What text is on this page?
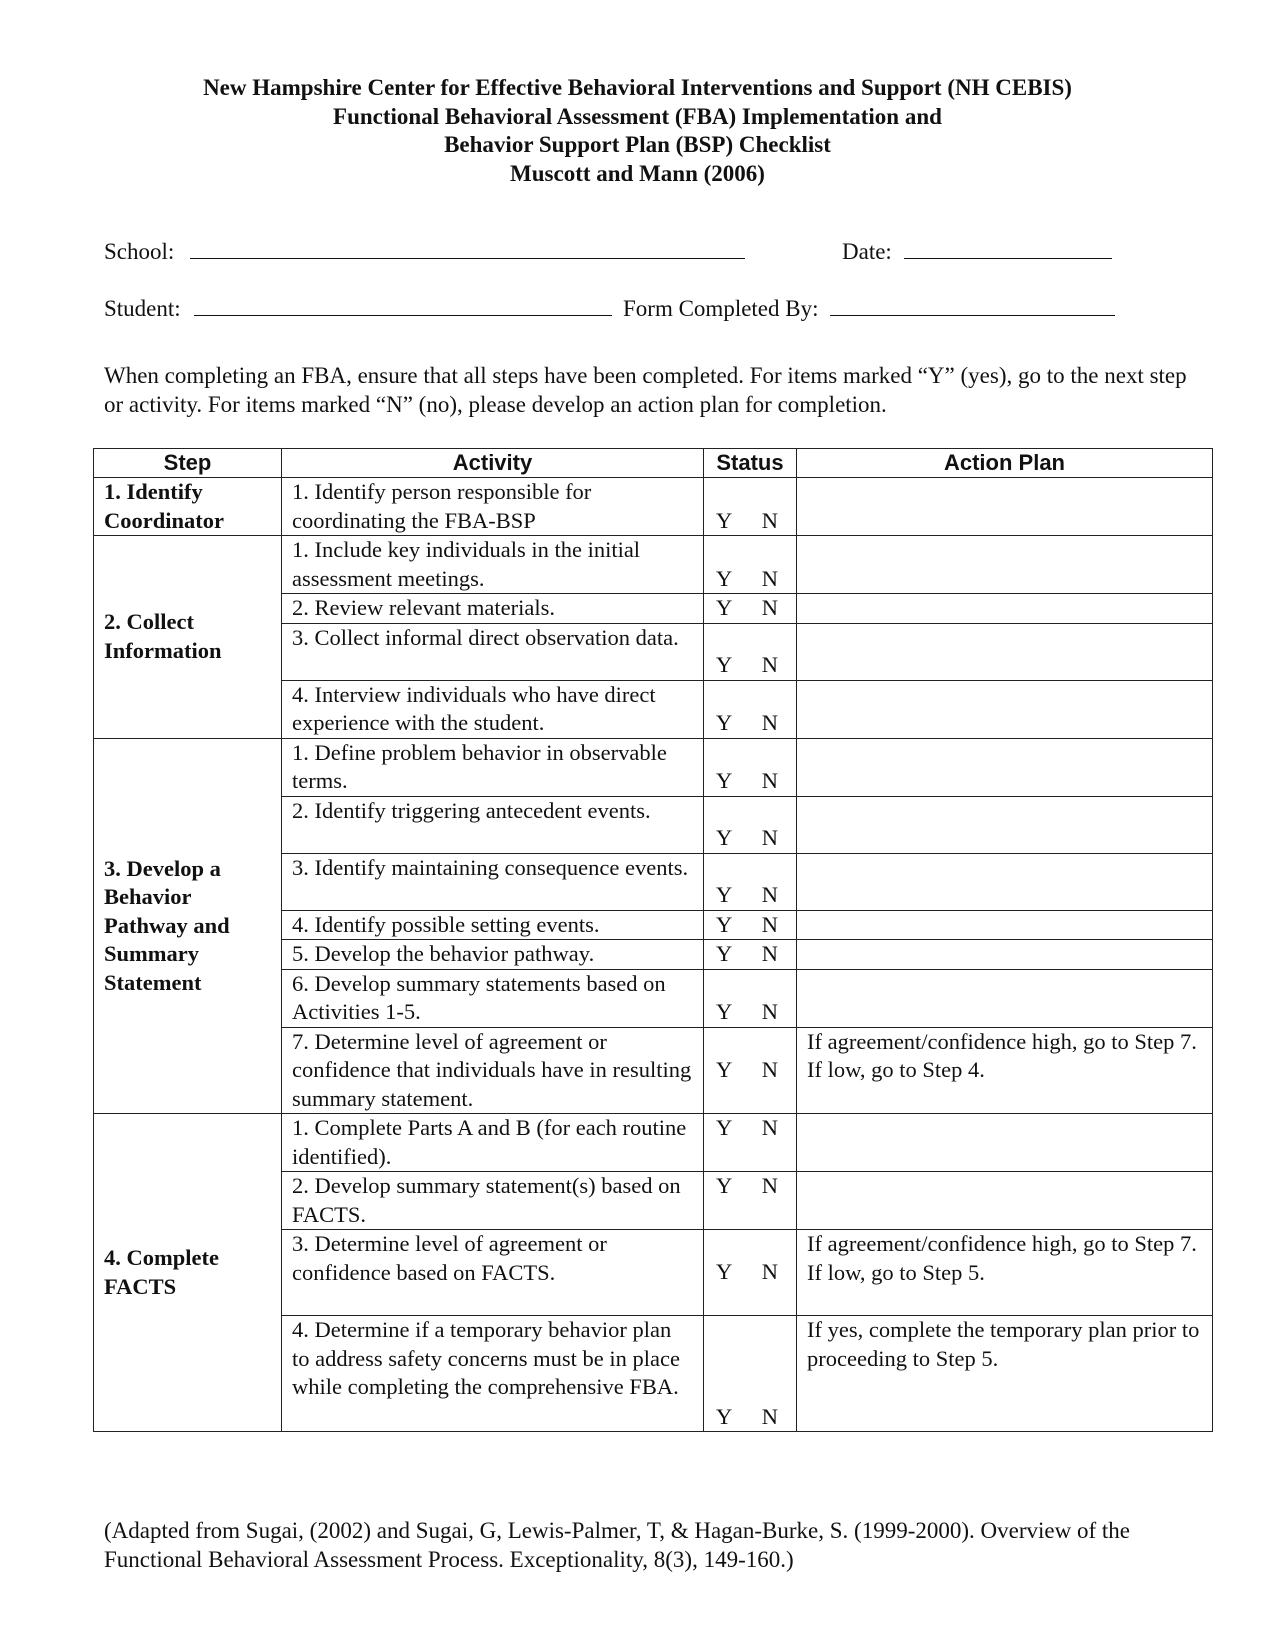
New Hampshire Center for Effective Behavioral Interventions and Support (NH CEBIS)
Functional Behavioral Assessment (FBA) Implementation and
Behavior Support Plan (BSP) Checklist
Muscott and Mann (2006)
School:	Date:
Student:	Form Completed By:
When completing an FBA, ensure that all steps have been completed. For items marked “Y” (yes), go to the next step or activity. For items marked “N” (no), please develop an action plan for completion.
Step	Activity	Status	Action Plan
1. Identify Coordinator	1. Identify person responsible for coordinating the FBA-BSP	Y N	

2. Collect Information	1. Include key individuals in the initial assessment meetings.	Y N	

	2. Review relevant materials.	Y N	

	3. Collect informal direct observation data.	Y N	

	4. Interview individuals who have direct experience with the student.	Y N	

3. Develop a Behavior Pathway and Summary Statement	1. Define problem behavior in observable terms.	Y N	

	2. Identify triggering antecedent events.	Y N	

	3. Identify maintaining consequence events.	Y N	

	4. Identify possible setting events.	Y N	

	5. Develop the behavior pathway.	Y N	

	6. Develop summary statements based on Activities 1-5.	Y N	

	7. Determine level of agreement or confidence that individuals have in resulting summary statement.	Y N	If agreement/confidence high, go to Step 7.
If low, go to Step 4.
4. Complete FACTS	1. Complete Parts A and B (for each routine identified).	Y N	

	2. Develop summary statement(s) based on FACTS.	Y N	

	3. Determine level of agreement or confidence based on FACTS.	Y N	If agreement/confidence high, go to Step 7.
If low, go to Step 5.
	4. Determine if a temporary behavior plan to address safety concerns must be in place while completing the comprehensive FBA.	Y N	If yes, complete the temporary plan prior to proceeding to Step 5.
(Adapted from Sugai, (2002) and Sugai, G, Lewis-Palmer, T, & Hagan-Burke, S. (1999-2000). Overview of the Functional Behavioral Assessment Process. Exceptionality, 8(3), 149-160.)
